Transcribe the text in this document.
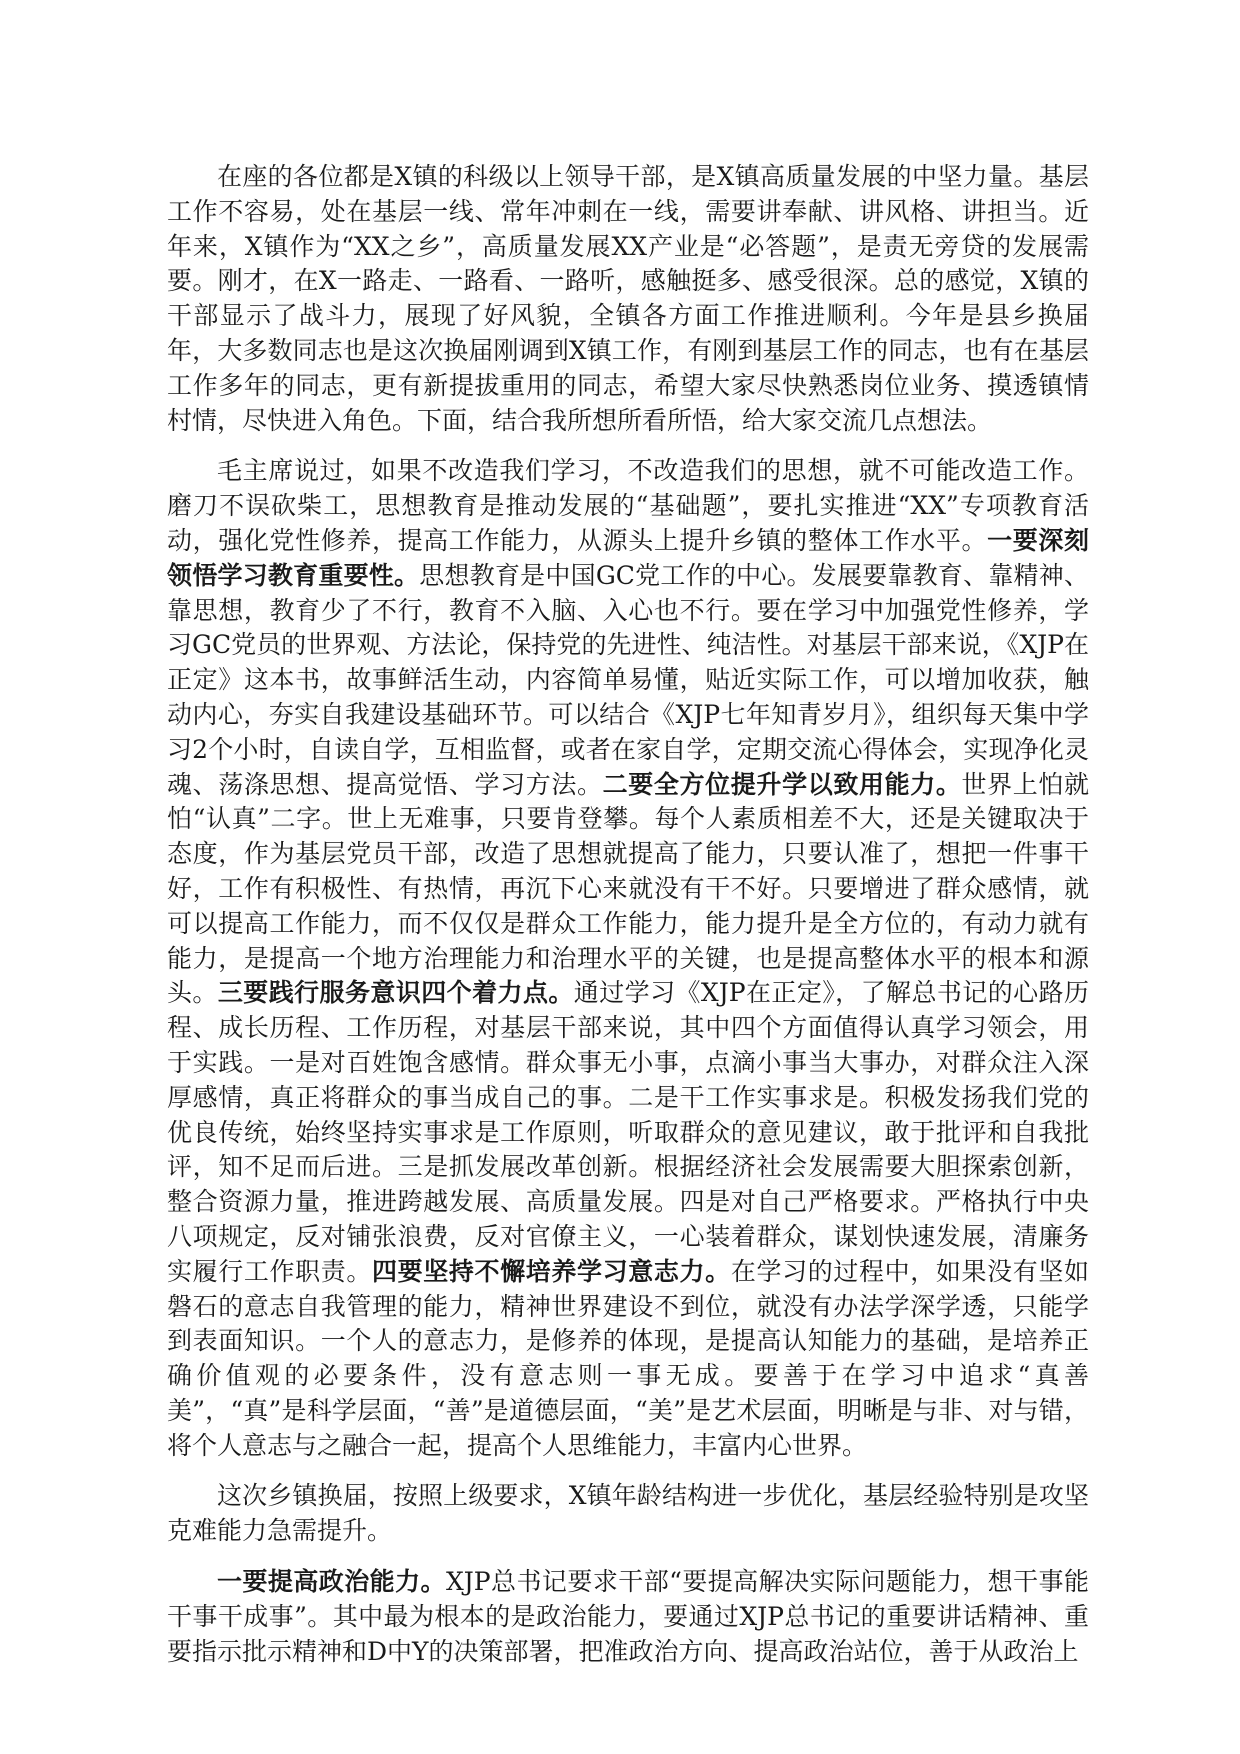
在座的各位都是X镇的科级以上领导干部，是X镇高质量发展的中坚力量。基层工作不容易，处在基层一线、常年冲刺在一线，需要讲奉献、讲风格、讲担当。近年来，X镇作为“XX之乡”，高质量发展XX产业是“必答题”，是责无旁贷的发展需要。刚才，在X一路走、一路看、一路听，感触挺多、感受很深。总的感觉，X镇的干部显示了战斗力，展现了好风貌，全镇各方面工作推进顺利。今年是县乡换届年，大多数同志也是这次换届刚调到X镇工作，有刚到基层工作的同志，也有在基层工作多年的同志，更有新提拔重用的同志，希望大家尽快熟悉岗位业务、摸透镇情村情，尽快进入角色。下面，结合我所想所看所悟，给大家交流几点想法。

毛主席说过，如果不改造我们学习，不改造我们的思想，就不可能改造工作。磨刀不误砍柴工，思想教育是推动发展的“基础题”，要扎实推进“XX”专项教育活动，强化党性修养，提高工作能力，从源头上提升乡镇的整体工作水平。一要深刻领悟学习教育重要性。思想教育是中国GC党工作的中心。发展要靠教育、靠精神、靠思想，教育少了不行，教育不入脑、入心也不行。要在学习中加强党性修养，学习GC党员的世界观、方法论，保持党的先进性、纯洁性。对基层干部来说，《XJP在正定》这本书，故事鲜活生动，内容简单易懂，贴近实际工作，可以增加收获，触动内心，夯实自我建设基础环节。可以结合《XJP七年知青岁月》，组织每天集中学习2个小时，自读自学，互相监督，或者在家自学，定期交流心得体会，实现净化灵魂、荡涤思想、提高觉悟、学习方法。二要全方位提升学以致用能力。世界上怕就怕“认真”二字。世上无难事，只要肯登攀。每个人素质相差不大，还是关键取决于态度，作为基层党员干部，改造了思想就提高了能力，只要认准了，想把一件事干好，工作有积极性、有热情，再沉下心来就没有干不好。只要增进了群众感情，就可以提高工作能力，而不仅仅是群众工作能力，能力提升是全方位的，有动力就有能力，是提高一个地方治理能力和治理水平的关键，也是提高整体水平的根本和源头。三要践行服务意识四个着力点。通过学习《XJP在正定》，了解总书记的心路历程、成长历程、工作历程，对基层干部来说，其中四个方面值得认真学习领会，用于实践。一是对百姓饱含感情。群众事无小事，点滴小事当大事办，对群众注入深厚感情，真正将群众的事当成自己的事。二是干工作实事求是。积极发扬我们党的优良传统，始终坚持实事求是工作原则，听取群众的意见建议，敢于批评和自我批评，知不足而后进。三是抓发展改革创新。根据经济社会发展需要大胆探索创新，整合资源力量，推进跨越发展、高质量发展。四是对自己严格要求。严格执行中央八项规定，反对铺张浪费，反对官僚主义，一心装着群众，谋划快速发展，清廉务实履行工作职责。四要坚持不懈培养学习意志力。在学习的过程中，如果没有坚如磐石的意志自我管理的能力，精神世界建设不到位，就没有办法学深学透，只能学到表面知识。一个人的意志力，是修养的体现，是提高认知能力的基础，是培养正确价值观的必要条件，没有意志则一事无成。要善于在学习中追求“真善美”，“真”是科学层面，“善”是道德层面，“美”是艺术层面，明晰是与非、对与错，将个人意志与之融合一起，提高个人思维能力，丰富内心世界。

这次乡镇换届，按照上级要求，X镇年龄结构进一步优化，基层经验特别是攻坚克难能力急需提升。

一要提高政治能力。XJP总书记要求干部“要提高解决实际问题能力，想干事能干事干成事”。其中最为根本的是政治能力，要通过XJP总书记的重要讲话精神、重要指示批示精神和D中Y的决策部署，把准政治方向、提高政治站位，善于从政治上
